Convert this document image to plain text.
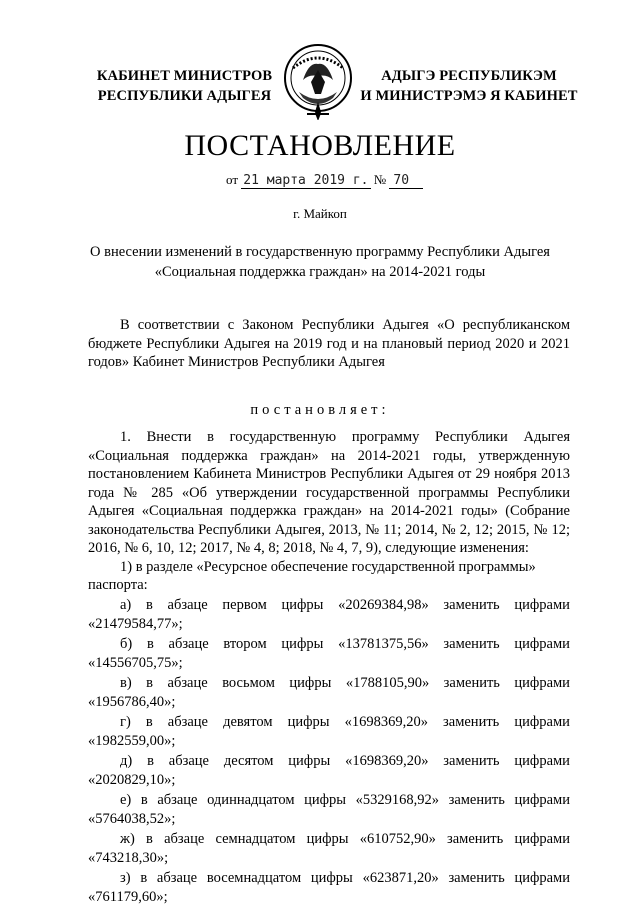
КАБИНЕТ МИНИСТРОВ
РЕСПУБЛИКИ АДЫГЕЯ
V
АДЫГЭ РЕСПУБЛИКЭМ
И МИНИСТРЭМЭ Я КАБИНЕТ
ПОСТАНОВЛЕНИЕ
от 21 марта 2019 г. № 70
г. Майкоп
О внесении изменений в государственную программу Республики Адыгея
«Социальная поддержка граждан» на 2014-2021 годы

В соответствии с Законом Республики Адыгея «О республиканском бюджете Республики Адыгея на 2019 год и на плановый период 2020 и 2021 годов» Кабинет Министров Республики Адыгея

постановляет:

1. Внести в государственную программу Республики Адыгея «Социальная поддержка граждан» на 2014-2021 годы, утвержденную постановлением Кабинета Министров Республики Адыгея от 29 ноября 2013 года № 285 «Об утверждении государственной программы Республики Адыгея «Социальная поддержка граждан» на 2014-2021 годы» (Собрание законодательства Республики Адыгея, 2013, № 11; 2014, № 2, 12; 2015, № 12; 2016, № 6, 10, 12; 2017, № 4, 8; 2018, № 4, 7, 9), следующие изменения:

1) в разделе «Ресурсное обеспечение государственной программы»
паспорта:
а) в абзаце первом цифры «20269384,98» заменить цифрами
«21479584,77»;
б) в абзаце втором цифры «13781375,56» заменить цифрами
«14556705,75»;
в) в абзаце восьмом цифры «1788105,90» заменить цифрами
«1956786,40»;
г) в абзаце девятом цифры «1698369,20» заменить цифрами
«1982559,00»;
д) в абзаце десятом цифры «1698369,20» заменить цифрами
«2020829,10»;
е) в абзаце одиннадцатом цифры «5329168,92» заменить цифрами
«5764038,52»;
ж) в абзаце семнадцатом цифры «610752,90» заменить цифрами
«743218,30»;
з) в абзаце восемнадцатом цифры «623871,20» заменить цифрами
«761179,60»;
